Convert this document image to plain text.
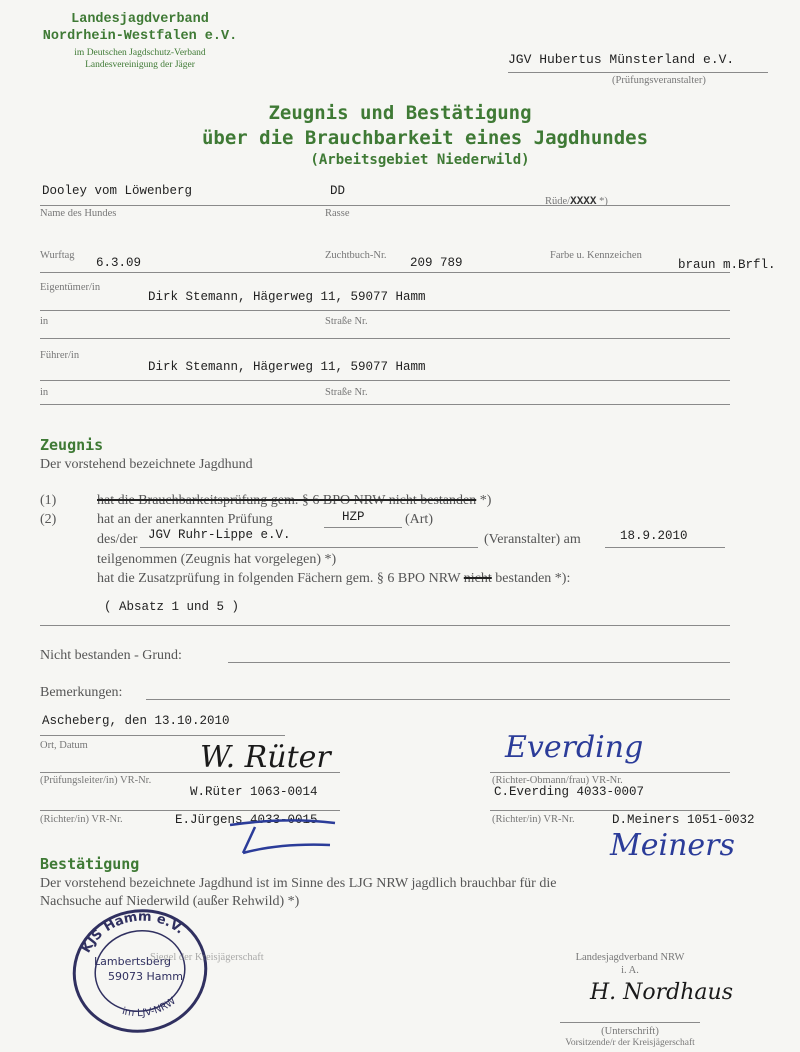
Landesjagdverband
Nordrhein-Westfalen e.V.
im Deutschen Jagdschutz-Verband
Landesvereinigung der Jäger	JGV Hubertus Münsterland e.V.
(Prüfungsveranstalter)
Zeugnis und Bestätigung
über die Brauchbarkeit eines Jagdhundes
(Arbeitsgebiet Niederwild)
Dooley vom Löwenberg	DD
Rüde/XXXX *)
Name des Hundes	Rasse
Wurftag
6.3.09
Zuchtbuch-Nr.
209 789
Farbe u. Kennzeichen
braun m.Brfl.
Eigentümer/in
Dirk Stemann, Hägerweg 11, 59077 Hamm
in	Straße Nr.
Führer/in
Dirk Stemann, Hägerweg 11, 59077 Hamm
in	Straße Nr.
Zeugnis
Der vorstehend bezeichnete Jagdhund
(1)	hat die Brauchbarkeitsprüfung gem. § 6 BPO NRW nicht bestanden *)
(2)	hat an der anerkannten Prüfung	HZP	(Art)
des/der JGV Ruhr-Lippe e.V.	(Veranstalter) am	18.9.2010
teilgenommen (Zeugnis hat vorgelegen) *)
hat die Zusatzprüfung in folgenden Fächern gem. § 6 BPO NRW nicht bestanden *):
( Absatz 1 und 5 )
Nicht bestanden - Grund:
Bemerkungen:
Ascheberg, den 13.10.2010
Ort, Datum	W. Rüter
(Prüfungsleiter/in) VR-Nr.
W.Rüter 1063-0014
Everding
(Richter-Obmann/frau) VR-Nr.
C.Everding 4033-0007
(Richter/in) VR-Nr.	E.Jürgens 4033-0015	(Richter/in) VR-Nr.	D.Meiners 1051-0032
Meiners
Bestätigung
Der vorstehend bezeichnete Jagdhund ist im Sinne des LJG NRW jagdlich brauchbar für die
Nachsuche auf Niederwild (außer Rehwild) *)
KJS Hamm e.V.
im LJV-NRW
Lambertsberg
59073 Hamm
Siegel der Kreisjägerschaft	Landesjagdverband NRW
i. A.
H. Nordhaus
(Unterschrift)
Vorsitzende/r der Kreisjägerschaft
